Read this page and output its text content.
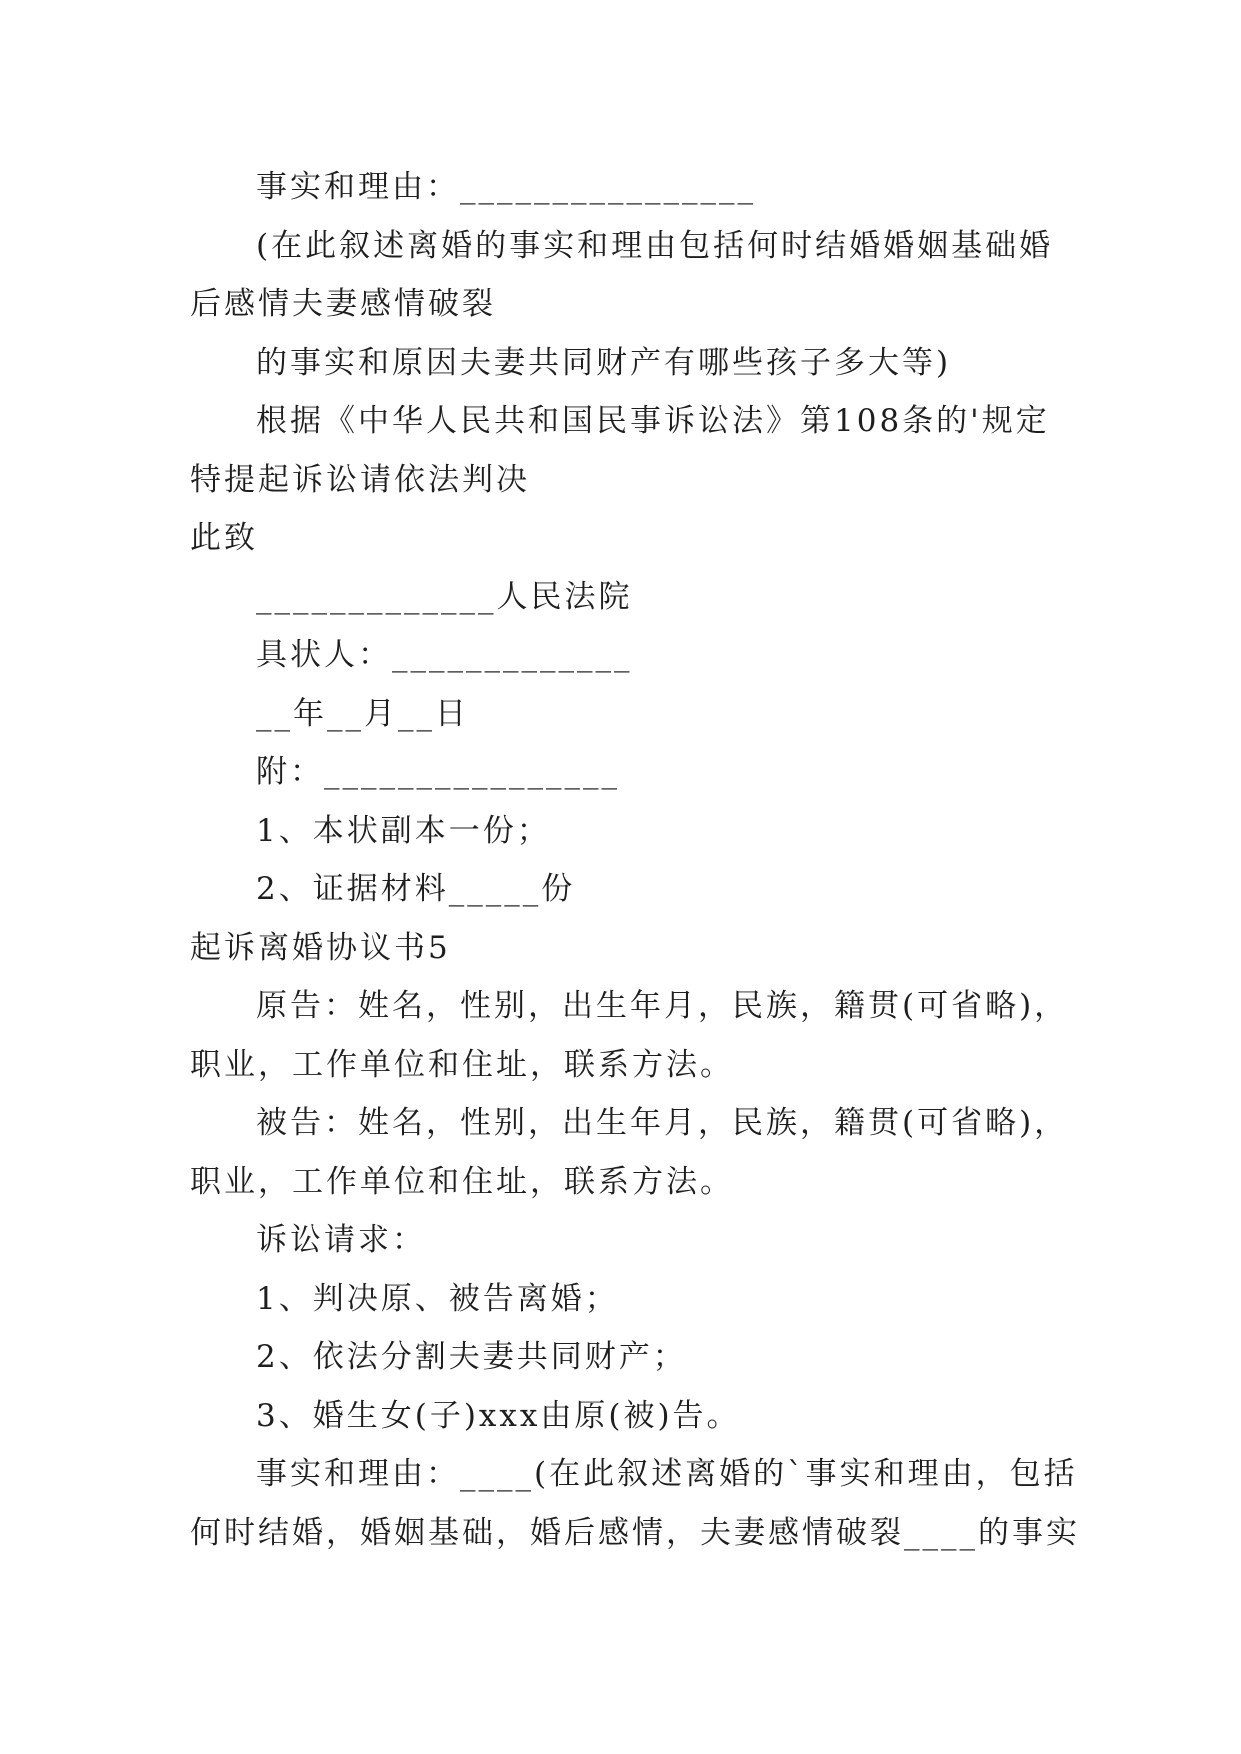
事实和理由：________________
(在此叙述离婚的事实和理由包括何时结婚婚姻基础婚
后感情夫妻感情破裂
的事实和原因夫妻共同财产有哪些孩子多大等)
根据《中华人民共和国民事诉讼法》第108条的'规定
特提起诉讼请依法判决
此致
_____________人民法院
具状人：_____________
__年__月__日
附：________________
1、本状副本一份；
2、证据材料_____份
起诉离婚协议书5
原告：姓名，性别，出生年月，民族，籍贯(可省略)，
职业，工作单位和住址，联系方法。
被告：姓名，性别，出生年月，民族，籍贯(可省略)，
职业，工作单位和住址，联系方法。
诉讼请求：
1、判决原、被告离婚；
2、依法分割夫妻共同财产；
3、婚生女(子)xxx由原(被)告。
事实和理由：____(在此叙述离婚的`事实和理由，包括
何时结婚，婚姻基础，婚后感情，夫妻感情破裂____的事实
